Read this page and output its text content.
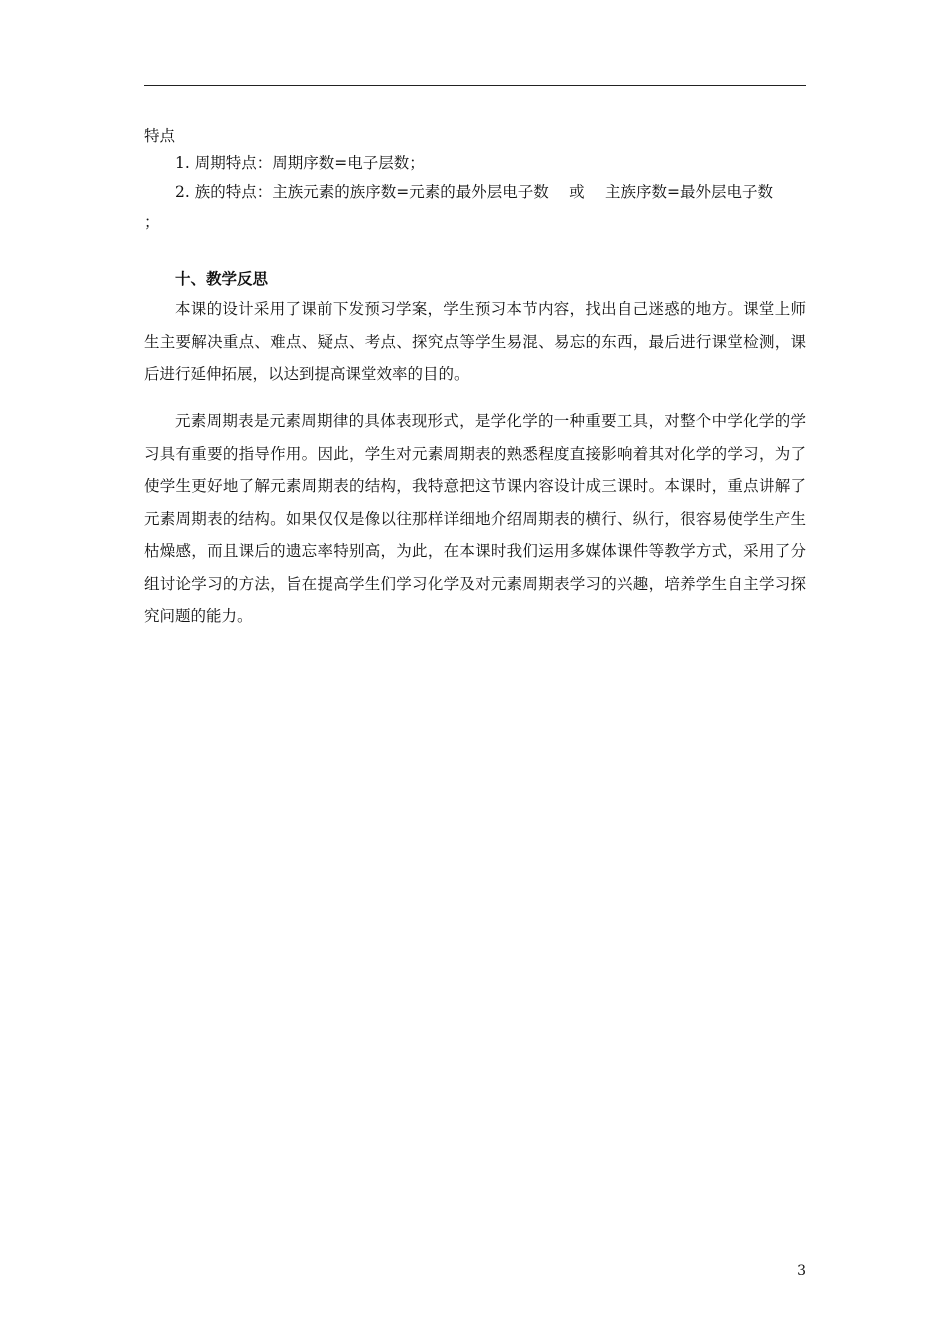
特点
1. 周期特点：周期序数=电子层数；
2. 族的特点：主族元素的族序数=元素的最外层电子数　 或　 主族序数=最外层电子数
；
十、教学反思
本课的设计采用了课前下发预习学案，学生预习本节内容，找出自己迷惑的地方。课堂上师生主要解决重点、难点、疑点、考点、探究点等学生易混、易忘的东西，最后进行课堂检测，课后进行延伸拓展，以达到提高课堂效率的目的。
元素周期表是元素周期律的具体表现形式，是学化学的一种重要工具，对整个中学化学的学习具有重要的指导作用。因此，学生对元素周期表的熟悉程度直接影响着其对化学的学习，为了使学生更好地了解元素周期表的结构，我特意把这节课内容设计成三课时。本课时，重点讲解了元素周期表的结构。如果仅仅是像以往那样详细地介绍周期表的横行、纵行，很容易使学生产生枯燥感，而且课后的遗忘率特别高，为此，在本课时我们运用多媒体课件等教学方式，采用了分组讨论学习的方法，旨在提高学生们学习化学及对元素周期表学习的兴趣，培养学生自主学习探究问题的能力。
3
